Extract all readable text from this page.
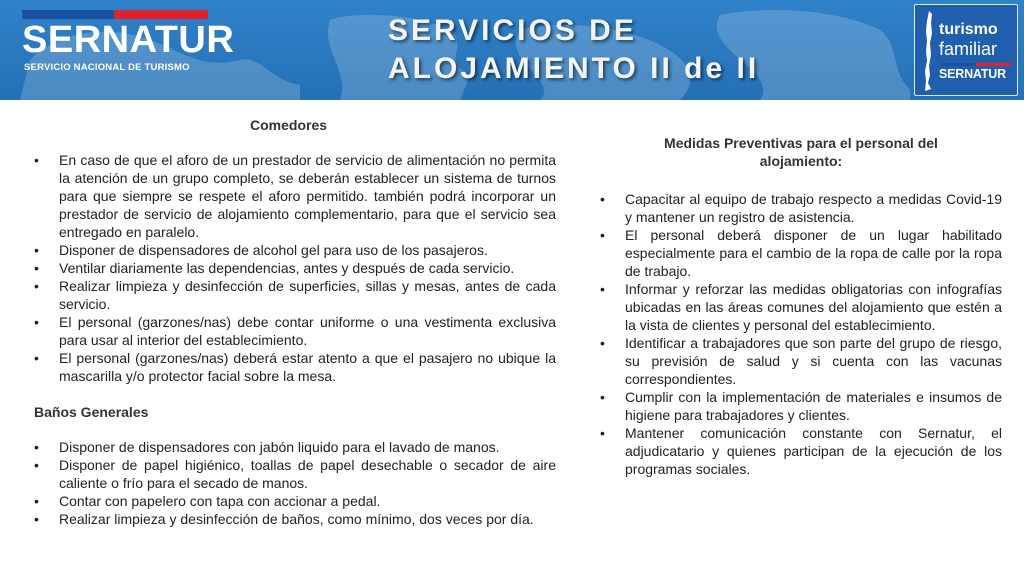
SERNATUR
SERVICIO NACIONAL DE TURISMO
SERVICIOS DE
ALOJAMIENTO II de II
turismo
familiar
SERNATUR
Comedores
• En caso de que el aforo de un prestador de servicio de alimentación no permita la atención de un grupo completo, se deberán establecer un sistema de turnos para que siempre se respete el aforo permitido. también podrá incorporar un prestador de servicio de alojamiento complementario, para que el servicio sea entregado en paralelo.
• Disponer de dispensadores de alcohol gel para uso de los pasajeros.
• Ventilar diariamente las dependencias, antes y después de cada servicio.
• Realizar limpieza y desinfección de superficies, sillas y mesas, antes de cada servicio.
• El personal (garzones/nas) debe contar uniforme o una vestimenta exclusiva para usar al interior del establecimiento.
• El personal (garzones/nas) deberá estar atento a que el pasajero no ubique la mascarilla y/o protector facial sobre la mesa.
Baños Generales
• Disponer de dispensadores con jabón liquido para el lavado de manos.
• Disponer de papel higiénico, toallas de papel desechable o secador de aire caliente o frío para el secado de manos.
• Contar con papelero con tapa con accionar a pedal.
• Realizar limpieza y desinfección de baños, como mínimo, dos veces por día.
Medidas Preventivas para el personal del alojamiento:
• Capacitar al equipo de trabajo respecto a medidas Covid-19 y mantener un registro de asistencia.
• El personal deberá disponer de un lugar habilitado especialmente para el cambio de la ropa de calle por la ropa de trabajo.
• Informar y reforzar las medidas obligatorias con infografías ubicadas en las áreas comunes del alojamiento que estén a la vista de clientes y personal del establecimiento.
• Identificar a trabajadores que son parte del grupo de riesgo, su previsión de salud y si cuenta con las vacunas correspondientes.
• Cumplir con la implementación de materiales e insumos de higiene para trabajadores y clientes.
• Mantener comunicación constante con Sernatur, el adjudicatario y quienes participan de la ejecución de los programas sociales.
